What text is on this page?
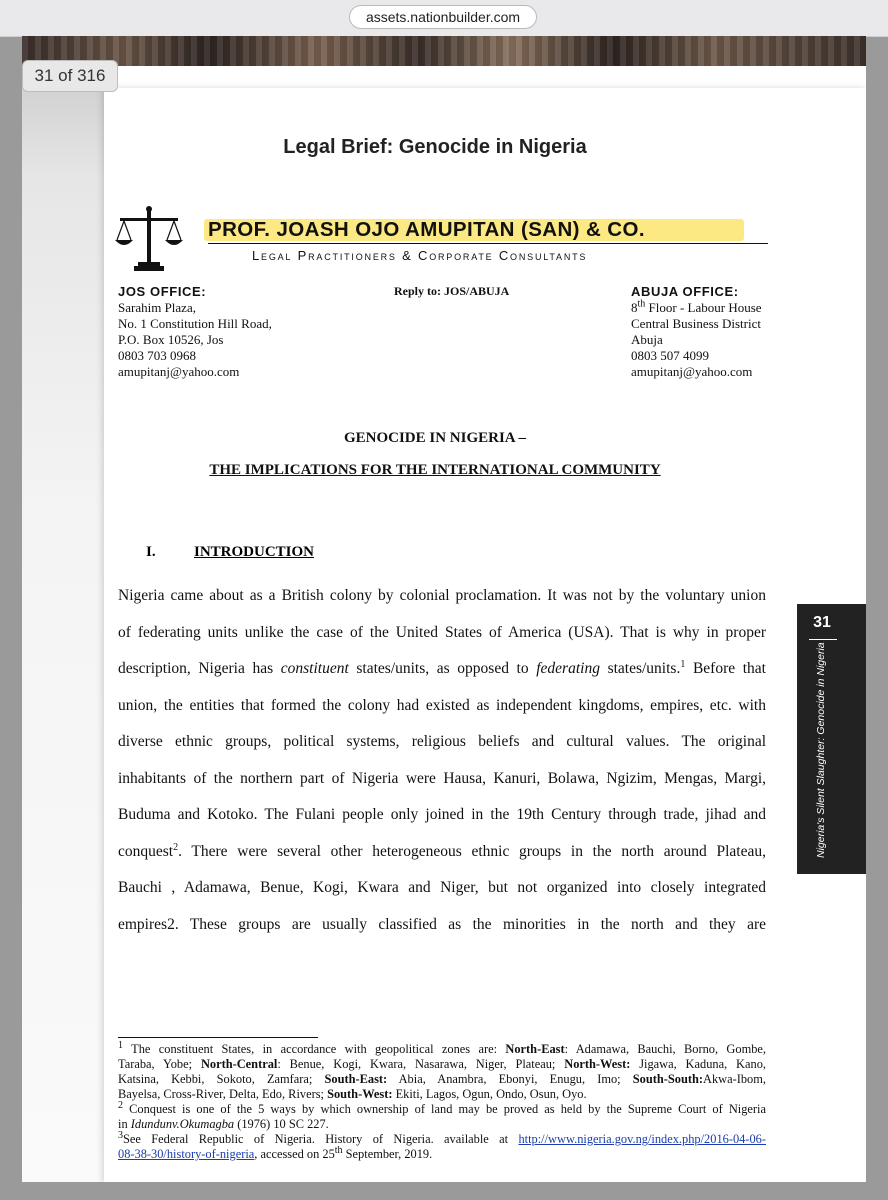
assets.nationbuilder.com
Legal Brief: Genocide in Nigeria
PROF. JOASH OJO AMUPITAN (SAN) & CO.
Legal Practitioners & Corporate Consultants
JOS OFFICE:
Sarahim Plaza,
No. 1 Constitution Hill Road,
P.O. Box 10526, Jos
0803 703 0968
amupitanj@yahoo.com
Reply to: JOS/ABUJA	ABUJA OFFICE:
8th Floor - Labour House
Central Business District
Abuja
0803 507 4099
amupitanj@yahoo.com
GENOCIDE IN NIGERIA –
THE IMPLICATIONS FOR THE INTERNATIONAL COMMUNITY
I.	INTRODUCTION
Nigeria came about as a British colony by colonial proclamation. It was not by the voluntary union
of federating units unlike the case of the United States of America (USA). That is why in proper
description, Nigeria has constituent states/units, as opposed to federating states/units.$^1$ Before that
union, the entities that formed the colony had existed as independent kingdoms, empires, etc. with
diverse ethnic groups, political systems, religious beliefs and cultural values. The original
inhabitants of the northern part of Nigeria were Hausa, Kanuri, Bolawa, Ngizim, Mengas, Margi,
Buduma and Kotoko. The Fulani people only joined in the 19th Century through trade, jihad and
conquest$^2$. There were several other heterogeneous ethnic groups in the north around Plateau,
Bauchi , Adamawa, Benue, Kogi, Kwara and Niger, but not organized into closely integrated
empires2. These groups are usually classified as the minorities in the north and they are
$^1$ The constituent States, in accordance with geopolitical zones are: North-East: Adamawa, Bauchi, Borno, Gombe,
Taraba, Yobe; North-Central: Benue, Kogi, Kwara, Nasarawa, Niger, Plateau; North-West: Jigawa, Kaduna, Kano,
Katsina, Kebbi, Sokoto, Zamfara; South-East: Abia, Anambra, Ebonyi, Enugu, Imo; South-South:Akwa-Ibom,
Bayelsa, Cross-River, Delta, Edo, Rivers; South-West: Ekiti, Lagos, Ogun, Ondo, Osun, Oyo.
$^2$ Conquest is one of the 5 ways by which ownership of land may be proved as held by the Supreme Court of Nigeria
in Idundunv.Okumagba (1976) 10 SC 227.
$^3$See Federal Republic of Nigeria. History of Nigeria. available at http://www.nigeria.gov.ng/index.php/2016-04-06-
08-38-30/history-of-nigeria, accessed on 25th September, 2019.
31
Nigeria's Silent Slaughter: Genocide in Nigeria
31 of 316
